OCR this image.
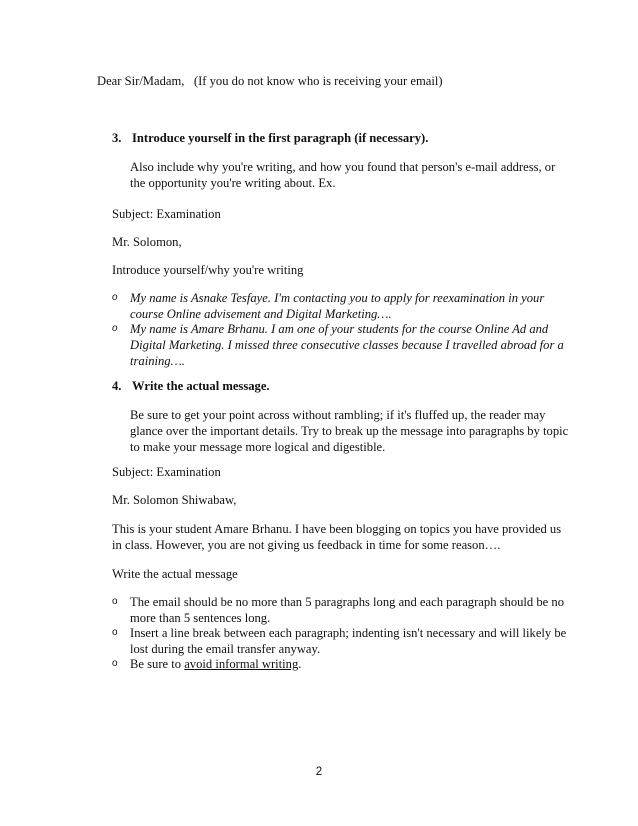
Dear Sir/Madam,   (If you do not know who is receiving your email)
3. Introduce yourself in the first paragraph (if necessary).
Also include why you're writing, and how you found that person's e-mail address, or the opportunity you're writing about. Ex.
Subject: Examination
Mr. Solomon,
Introduce yourself/why you're writing
o My name is Asnake Tesfaye. I'm contacting you to apply for reexamination in your course Online advisement and Digital Marketing….
o My name is Amare Brhanu. I am one of your students for the course Online Ad and Digital Marketing. I missed three consecutive classes because I travelled abroad for a training….
4. Write the actual message.
Be sure to get your point across without rambling; if it's fluffed up, the reader may glance over the important details. Try to break up the message into paragraphs by topic to make your message more logical and digestible.
Subject: Examination
Mr. Solomon Shiwabaw,
This is your student Amare Brhanu. I have been blogging on topics you have provided us in class. However, you are not giving us feedback in time for some reason….
Write the actual message
o The email should be no more than 5 paragraphs long and each paragraph should be no more than 5 sentences long.
o Insert a line break between each paragraph; indenting isn't necessary and will likely be lost during the email transfer anyway.
o Be sure to avoid informal writing.
2
